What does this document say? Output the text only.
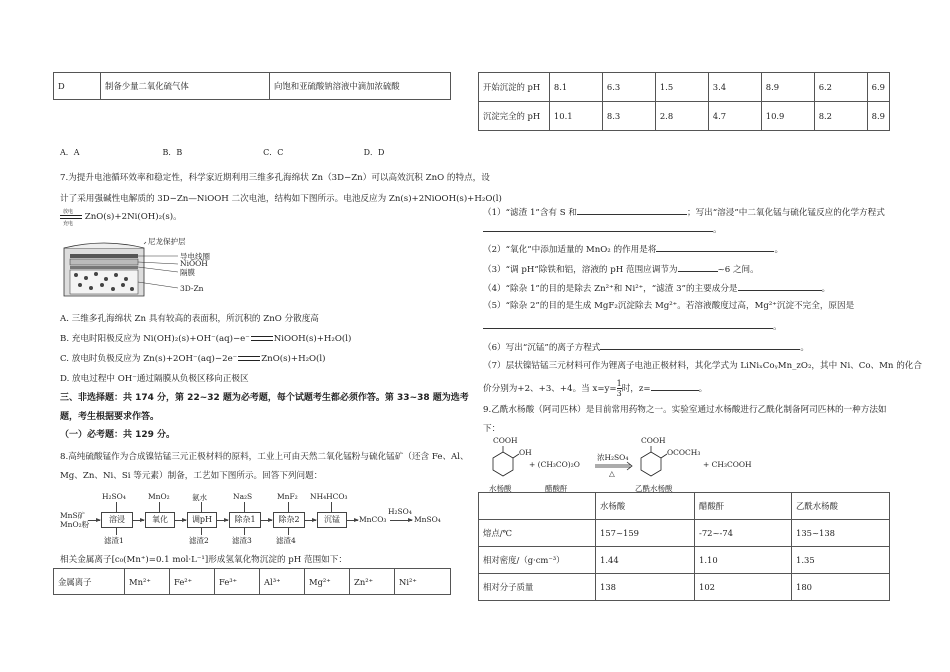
D	制备少量二氧化硫气体	向饱和亚硫酸钠溶液中滴加浓硫酸
A．A	B．B	C．C	D．D
7.为提升电池循环效率和稳定性，科学家近期利用三维多孔海绵状 Zn（3D−Zn）可以高效沉积 ZnO 的特点，设
计了采用强碱性电解质的 3D−Zn—NiOOH 二次电池，结构如下图所示。电池反应为 Zn(s)+2NiOOH(s)+H₂O(l)
放电
充电
ZnO(s)+2Ni(OH)₂(s)。
尼龙保护层
导电线圈
NiOOH
隔膜
3D-Zn
A. 三维多孔海绵状 Zn 具有较高的表面积，所沉积的 ZnO 分散度高
B. 充电时阳极反应为 Ni(OH)₂(s)+OH⁻(aq)−e⁻	NiOOH(s)+H₂O(l)
C. 放电时负极反应为 Zn(s)+2OH⁻(aq)−2e⁻	ZnO(s)+H₂O(l)
D. 放电过程中 OH⁻通过隔膜从负极区移向正极区
三、非选择题：共 174 分，第 22~32 题为必考题，每个试题考生都必须作答。第 33~38 题为选考
题，考生根据要求作答。
（一）必考题：共 129 分。
8.高纯硫酸锰作为合成镍钴锰三元正极材料的原料，工业上可由天然二氧化锰粉与硫化锰矿（还含 Fe、Al、
Mg、Zn、Ni、Si 等元素）制备，工艺如下图所示。回答下列问题：
MnS矿
MnO₂粉
溶浸	氧化	调pH	除杂1	除杂2	沉锰	MnCO₃	MnSO₄
H₂SO₄	MnO₂	氨水	Na₂S	MnF₂ NH₄HCO₃
H₂SO₄
滤渣1	滤渣2	滤渣3	滤渣4
相关金属离子[c₀(Mn⁺)=0.1 mol·L⁻¹]形成氢氧化物沉淀的 pH 范围如下：
金属离子	Mn²⁺	Fe²⁺	Fe³⁺	Al³⁺	Mg²⁺	Zn²⁺	Ni²⁺
开始沉淀的 pH	8.1	6.3	1.5	3.4	8.9	6.2	6.9
沉淀完全的 pH	10.1	8.3	2.8	4.7	10.9	8.2	8.9
（1）“滤渣 1”含有 S 和	；写出“溶浸”中二氧化锰与硫化锰反应的化学方程式
。
（2）“氧化”中添加适量的 MnO₂ 的作用是将	。
（3）“调 pH”除铁和铝，溶液的 pH 范围应调节为	~6 之间。
（4）“除杂 1”的目的是除去 Zn²⁺和 Ni²⁺，“滤渣 3”的主要成分是	。
（5）“除杂 2”的目的是生成 MgF₂沉淀除去 Mg²⁺。若溶液酸度过高，Mg²⁺沉淀不完全，原因是
。
（6）写出“沉锰”的离子方程式	。
（7）层状镍钴锰三元材料可作为锂离子电池正极材料，其化学式为 LiNiₓCoᵧMn_zO₂，其中 Ni、Co、Mn 的化合
价分别为+2、+3、+4。当 $x=y= \frac{1}{3}$ 时，z=	。
9.乙酰水杨酸（阿司匹林）是目前常用药物之一。实验室通过水杨酸进行乙酰化制备阿司匹林的一种方法如
下：
COOH
OH
+ (CH₃CO)₂O
浓H₂SO₄
△
COOH
OCOCH₃
+ CH₃COOH
水杨酸	醋酸酐	乙酰水杨酸
	水杨酸	醋酸酐	乙酰水杨酸
熔点/℃	157~159	-72~-74	135~138
相对密度/（g·cm⁻³）	1.44	1.10	1.35
相对分子质量	138	102	180
